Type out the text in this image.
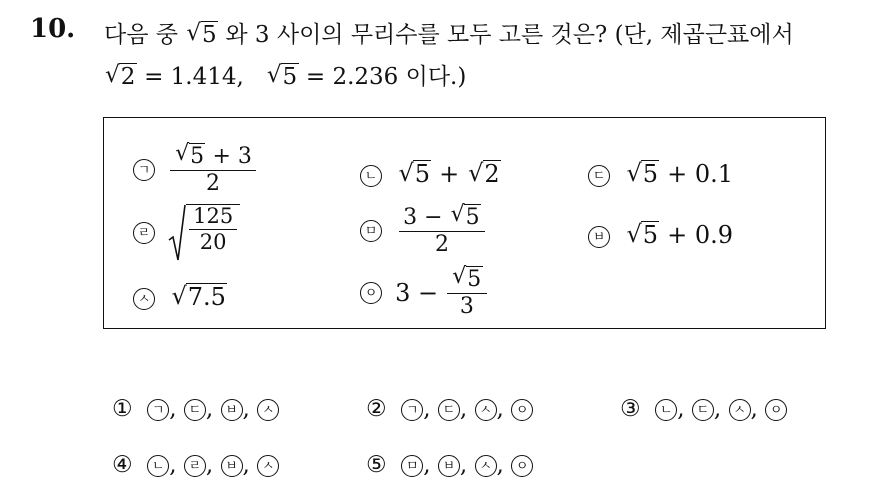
10. 다음 중 √ 5 와 3 사이의 무리수를 모두 고른 것은? (단, 제곱근표에서
√ 2 = 1.414, √ 5 = 2.236 이다.)
ㄱ √ $\frac{5 + 3}{2}$	ㄴ √ 5 + √ 2	ㄷ √ 5 + 0.1
ㄹ $\frac{125}{20}$	ㅁ $\frac{3 - √ 5}{2}$	ㅂ √ 5 + 0.9
ㅅ √ 7.5	ㅇ 3 − √ $\frac{5}{3}$
① ㄱ , ㄷ , ㅂ , ㅅ	② ㄱ , ㄷ , ㅅ , ㅇ	③ ㄴ , ㄷ , ㅅ , ㅇ
④ ㄴ , ㄹ , ㅂ , ㅅ	⑤ ㅁ , ㅂ , ㅅ , ㅇ
